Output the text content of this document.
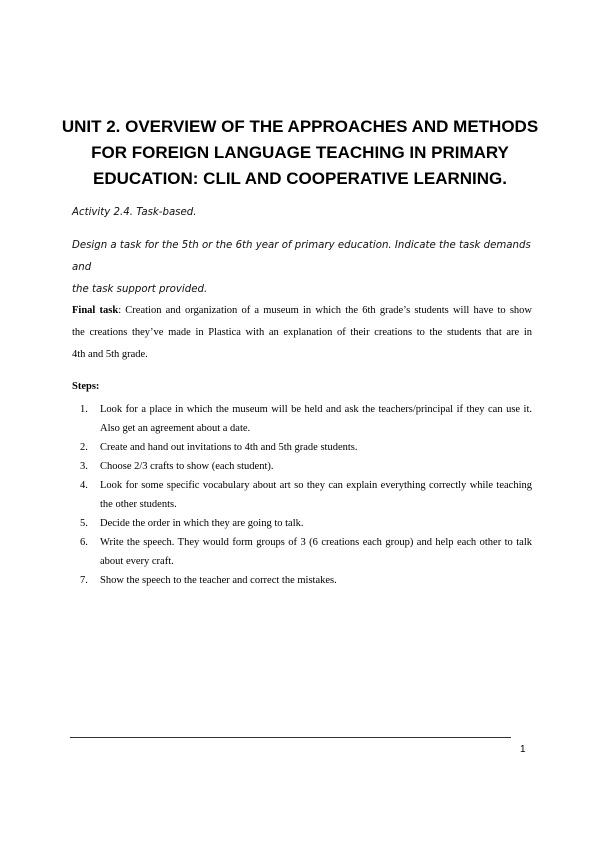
UNIT 2. OVERVIEW OF THE APPROACHES AND METHODS
FOR FOREIGN LANGUAGE TEACHING IN PRIMARY
EDUCATION: CLIL AND COOPERATIVE LEARNING.

Activity 2.4. Task-based.

Design a task for the 5th or the 6th year of primary education. Indicate the task demands and
the task support provided.

Final task: Creation and organization of a museum in which the 6th grade’s students will have to show
the creations they’ve made in Plastica with an explanation of their creations to the students that are in
4th and 5th grade.

Steps:

1. Look for a place in which the museum will be held and ask the teachers/principal if they can use it. Also get an agreement about a date.
2. Create and hand out invitations to 4th and 5th grade students.
3. Choose 2/3 crafts to show (each student).
4. Look for some specific vocabulary about art so they can explain everything correctly while teaching the other students.
5. Decide the order in which they are going to talk.
6. Write the speech. They would form groups of 3 (6 creations each group) and help each other to talk about every craft.
7. Show the speech to the teacher and correct the mistakes.
1
